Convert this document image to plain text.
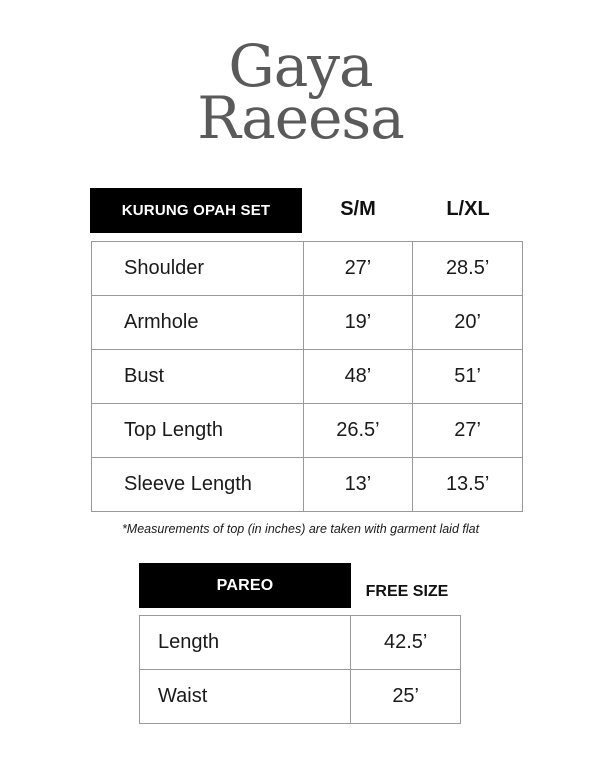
Gaya
Raeesa
KURUNG OPAH SET	S/M	L/XL
Shoulder	27’	28.5’
Armhole	19’	20’
Bust	48’	51’
Top Length	26.5’	27’
Sleeve Length	13’	13.5’
*Measurements of top (in inches) are taken with garment laid flat
PAREO	FREE SIZE
Length	42.5’
Waist	25’
